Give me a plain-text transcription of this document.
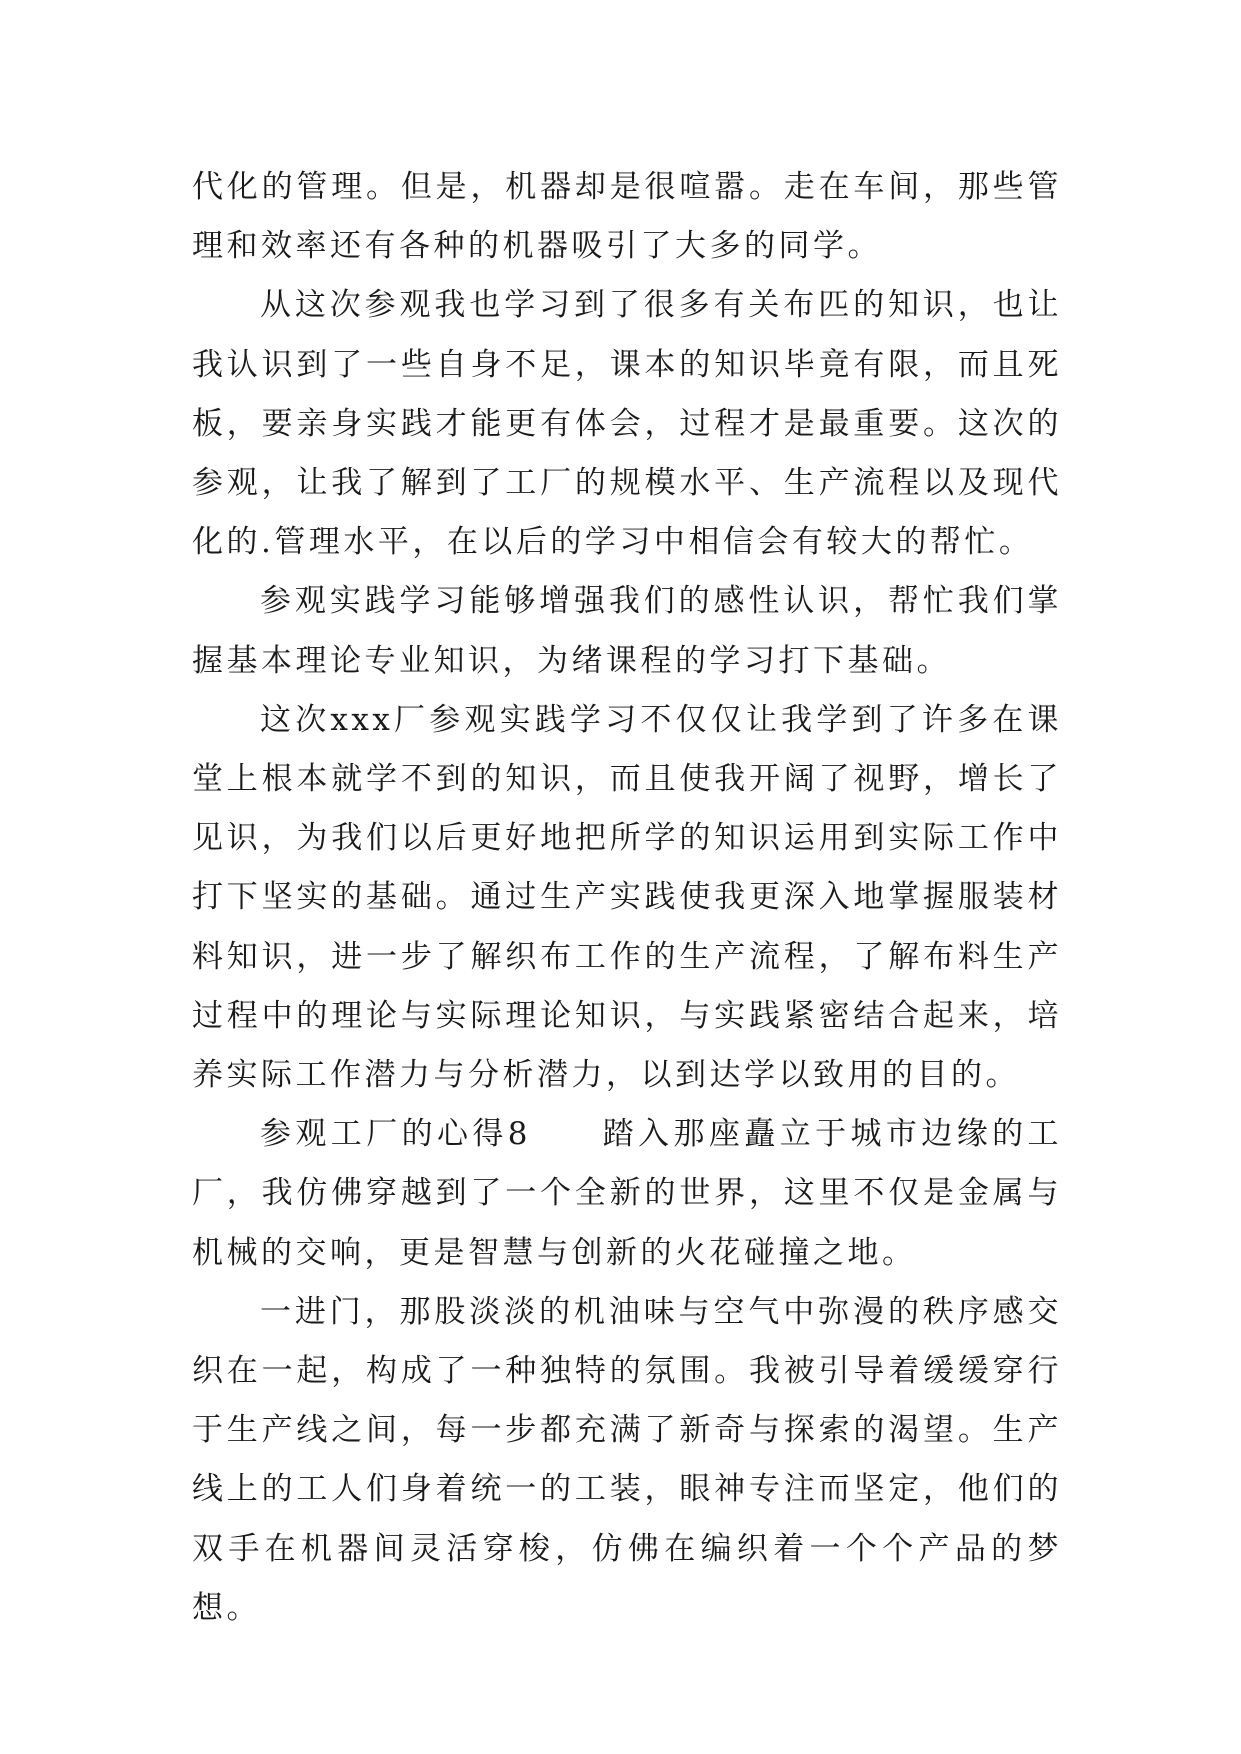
代化的管理。但是，机器却是很喧嚣。走在车间，那些管理和效率还有各种的机器吸引了大多的同学。

从这次参观我也学习到了很多有关布匹的知识，也让我认识到了一些自身不足，课本的知识毕竟有限，而且死板，要亲身实践才能更有体会，过程才是最重要。这次的参观，让我了解到了工厂的规模水平、生产流程以及现代化的.管理水平，在以后的学习中相信会有较大的帮忙。

参观实践学习能够增强我们的感性认识，帮忙我们掌握基本理论专业知识，为绪课程的学习打下基础。

这次xxx厂参观实践学习不仅仅让我学到了许多在课堂上根本就学不到的知识，而且使我开阔了视野，增长了见识，为我们以后更好地把所学的知识运用到实际工作中打下坚实的基础。通过生产实践使我更深入地掌握服装材料知识，进一步了解织布工作的生产流程，了解布料生产过程中的理论与实际理论知识，与实践紧密结合起来，培养实际工作潜力与分析潜力，以到达学以致用的目的。

参观工厂的心得8　　踏入那座矗立于城市边缘的工厂，我仿佛穿越到了一个全新的世界，这里不仅是金属与机械的交响，更是智慧与创新的火花碰撞之地。

一进门，那股淡淡的机油味与空气中弥漫的秩序感交织在一起，构成了一种独特的氛围。我被引导着缓缓穿行于生产线之间，每一步都充满了新奇与探索的渴望。生产线上的工人们身着统一的工装，眼神专注而坚定，他们的双手在机器间灵活穿梭，仿佛在编织着一个个产品的梦想。
